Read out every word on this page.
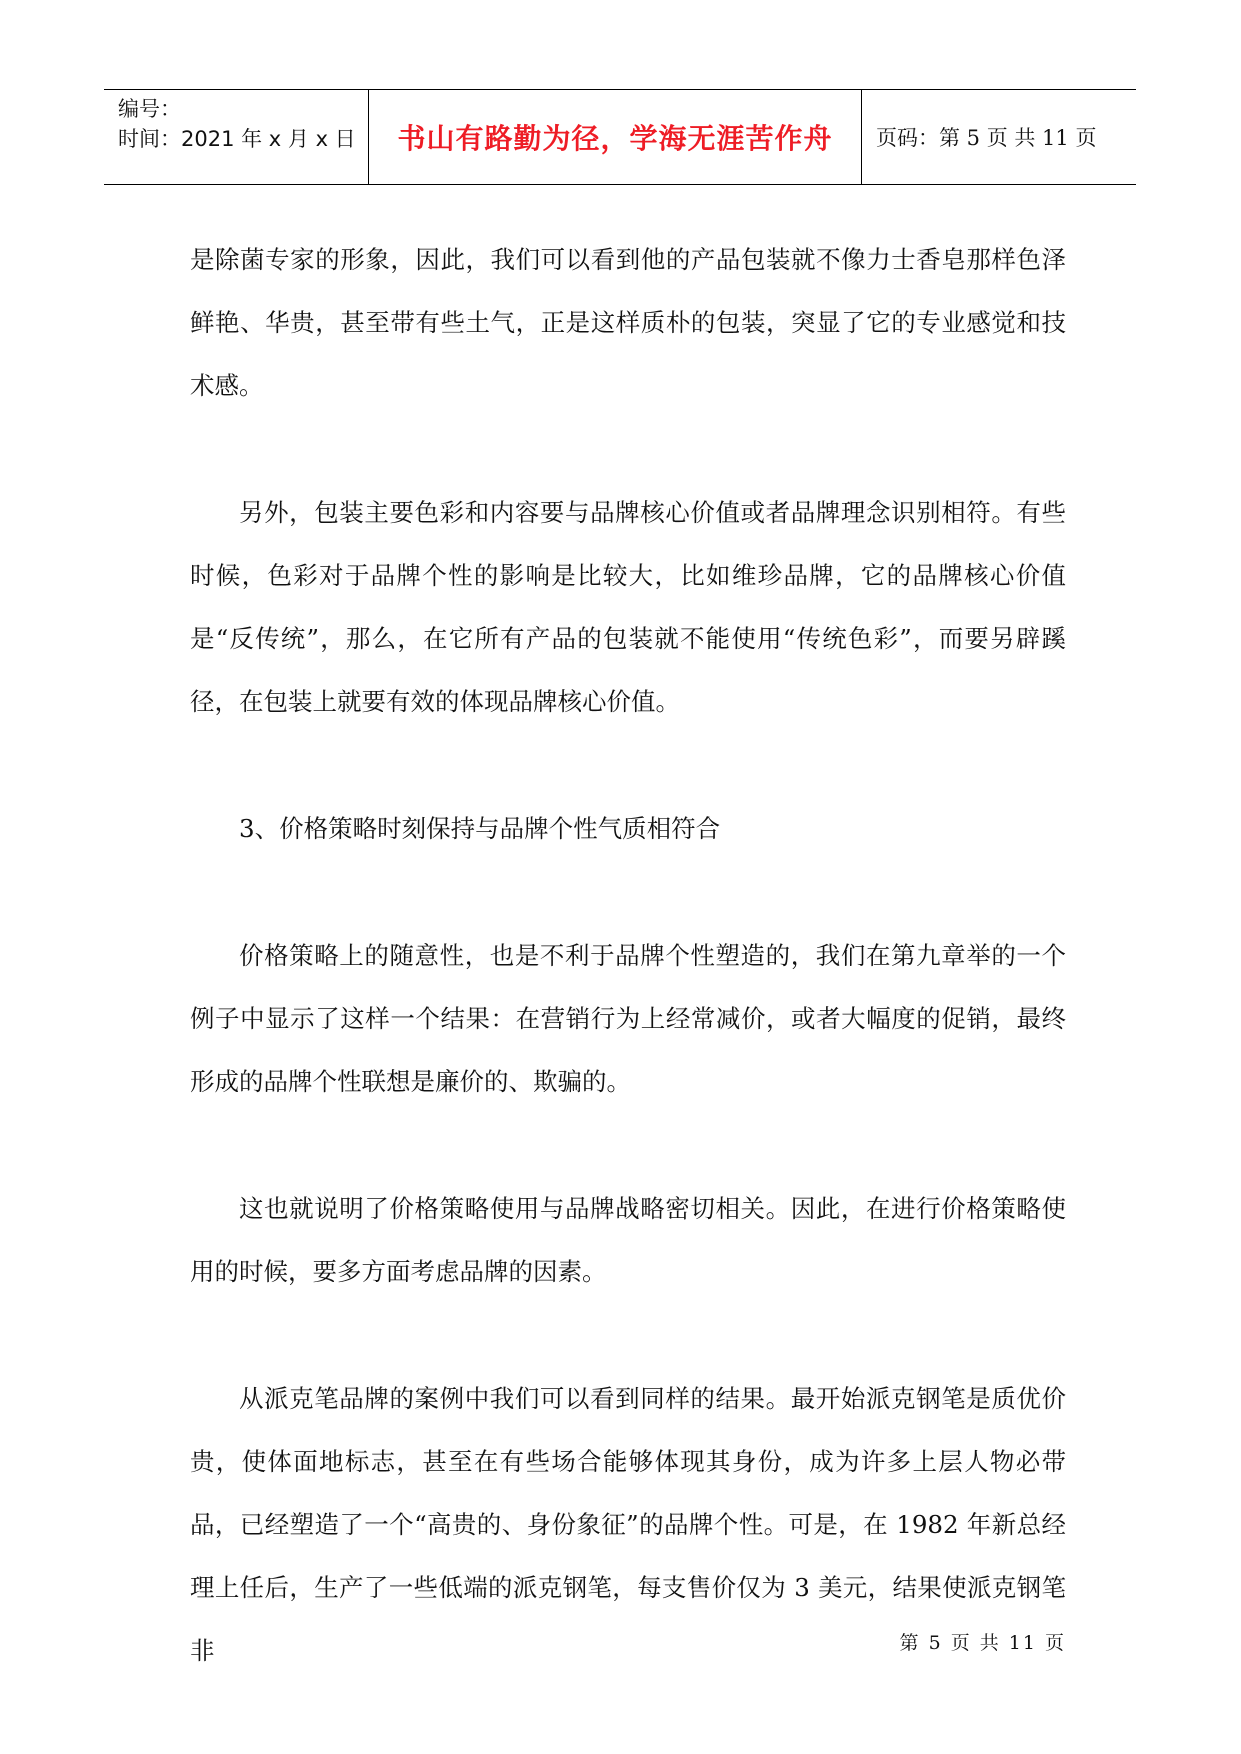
编号：
时间：2021 年 x 月 x 日	书山有路勤为径，学海无涯苦作舟 页码：第 5 页 共 11 页

是除菌专家的形象，因此，我们可以看到他的产品包装就不像力士香皂那样色泽鲜艳、华贵，甚至带有些土气，正是这样质朴的包装，突显了它的专业感觉和技术感。

另外，包装主要色彩和内容要与品牌核心价值或者品牌理念识别相符。有些时候，色彩对于品牌个性的影响是比较大，比如维珍品牌，它的品牌核心价值是“反传统”，那么，在它所有产品的包装就不能使用“传统色彩”，而要另辟蹊径，在包装上就要有效的体现品牌核心价值。

3、价格策略时刻保持与品牌个性气质相符合

价格策略上的随意性，也是不利于品牌个性塑造的，我们在第九章举的一个例子中显示了这样一个结果：在营销行为上经常减价，或者大幅度的促销，最终形成的品牌个性联想是廉价的、欺骗的。

这也就说明了价格策略使用与品牌战略密切相关。因此，在进行价格策略使用的时候，要多方面考虑品牌的因素。

从派克笔品牌的案例中我们可以看到同样的结果。最开始派克钢笔是质优价贵，使体面地标志，甚至在有些场合能够体现其身份，成为许多上层人物必带品，已经塑造了一个“高贵的、身份象征”的品牌个性。可是，在 1982 年新总经理上任后，生产了一些低端的派克钢笔，每支售价仅为 3 美元，结果使派克钢笔非	第 5 页 共 11 页
